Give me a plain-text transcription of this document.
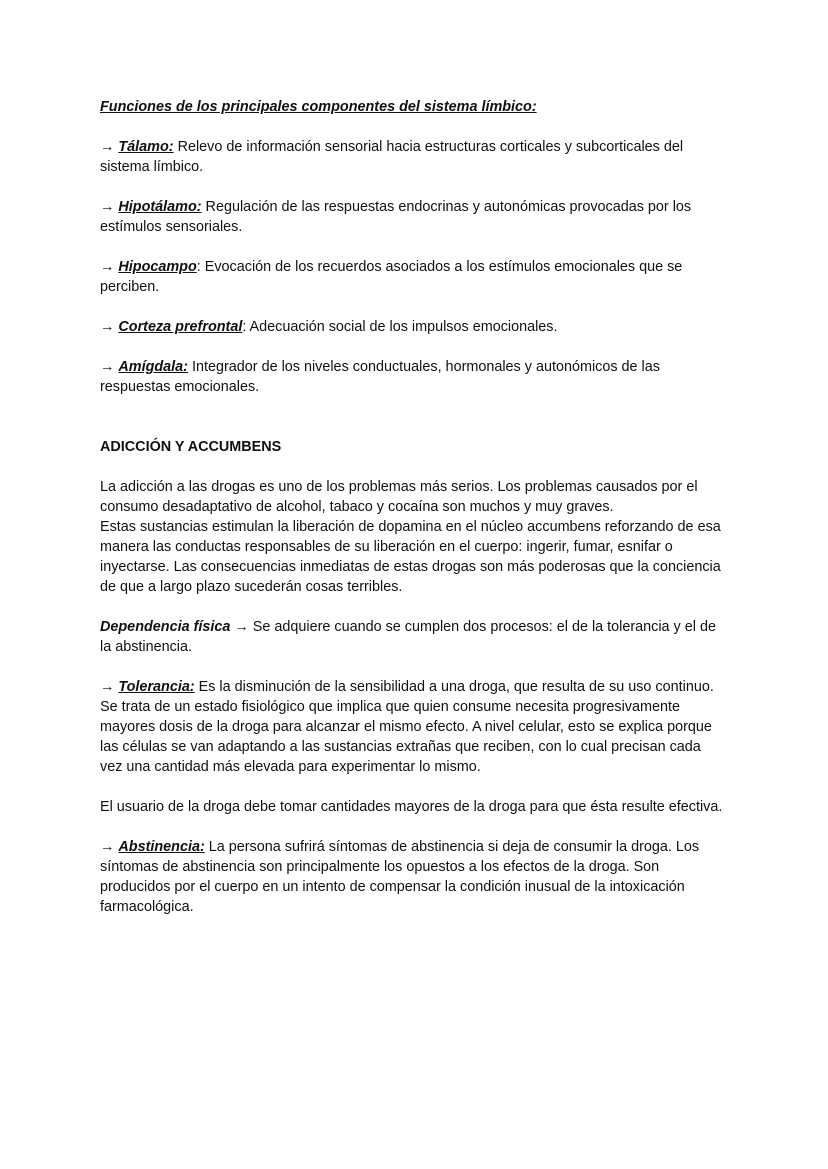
Funciones de los principales componentes del sistema límbico:

→ Tálamo: Relevo de información sensorial hacia estructuras corticales y subcorticales del sistema límbico.

→ Hipotálamo: Regulación de las respuestas endocrinas y autonómicas provocadas por los estímulos sensoriales.

→ Hipocampo: Evocación de los recuerdos asociados a los estímulos emocionales que se perciben.

→ Corteza prefrontal: Adecuación social de los impulsos emocionales.

→ Amígdala: Integrador de los niveles conductuales, hormonales y autonómicos de las respuestas emocionales.

ADICCIÓN Y ACCUMBENS

La adicción a las drogas es uno de los problemas más serios. Los problemas causados por el consumo desadaptativo de alcohol, tabaco y cocaína son muchos y muy graves.
Estas sustancias estimulan la liberación de dopamina en el núcleo accumbens reforzando de esa manera las conductas responsables de su liberación en el cuerpo: ingerir, fumar, esnifar o inyectarse. Las consecuencias inmediatas de estas drogas son más poderosas que la conciencia de que a largo plazo sucederán cosas terribles.

Dependencia física → Se adquiere cuando se cumplen dos procesos: el de la tolerancia y el de la abstinencia.

→ Tolerancia: Es la disminución de la sensibilidad a una droga, que resulta de su uso continuo. Se trata de un estado fisiológico que implica que quien consume necesita progresivamente mayores dosis de la droga para alcanzar el mismo efecto. A nivel celular, esto se explica porque las células se van adaptando a las sustancias extrañas que reciben, con lo cual precisan cada vez una cantidad más elevada para experimentar lo mismo.

El usuario de la droga debe tomar cantidades mayores de la droga para que ésta resulte efectiva.

→ Abstinencia: La persona sufrirá síntomas de abstinencia si deja de consumir la droga. Los síntomas de abstinencia son principalmente los opuestos a los efectos de la droga. Son producidos por el cuerpo en un intento de compensar la condición inusual de la intoxicación farmacológica.
